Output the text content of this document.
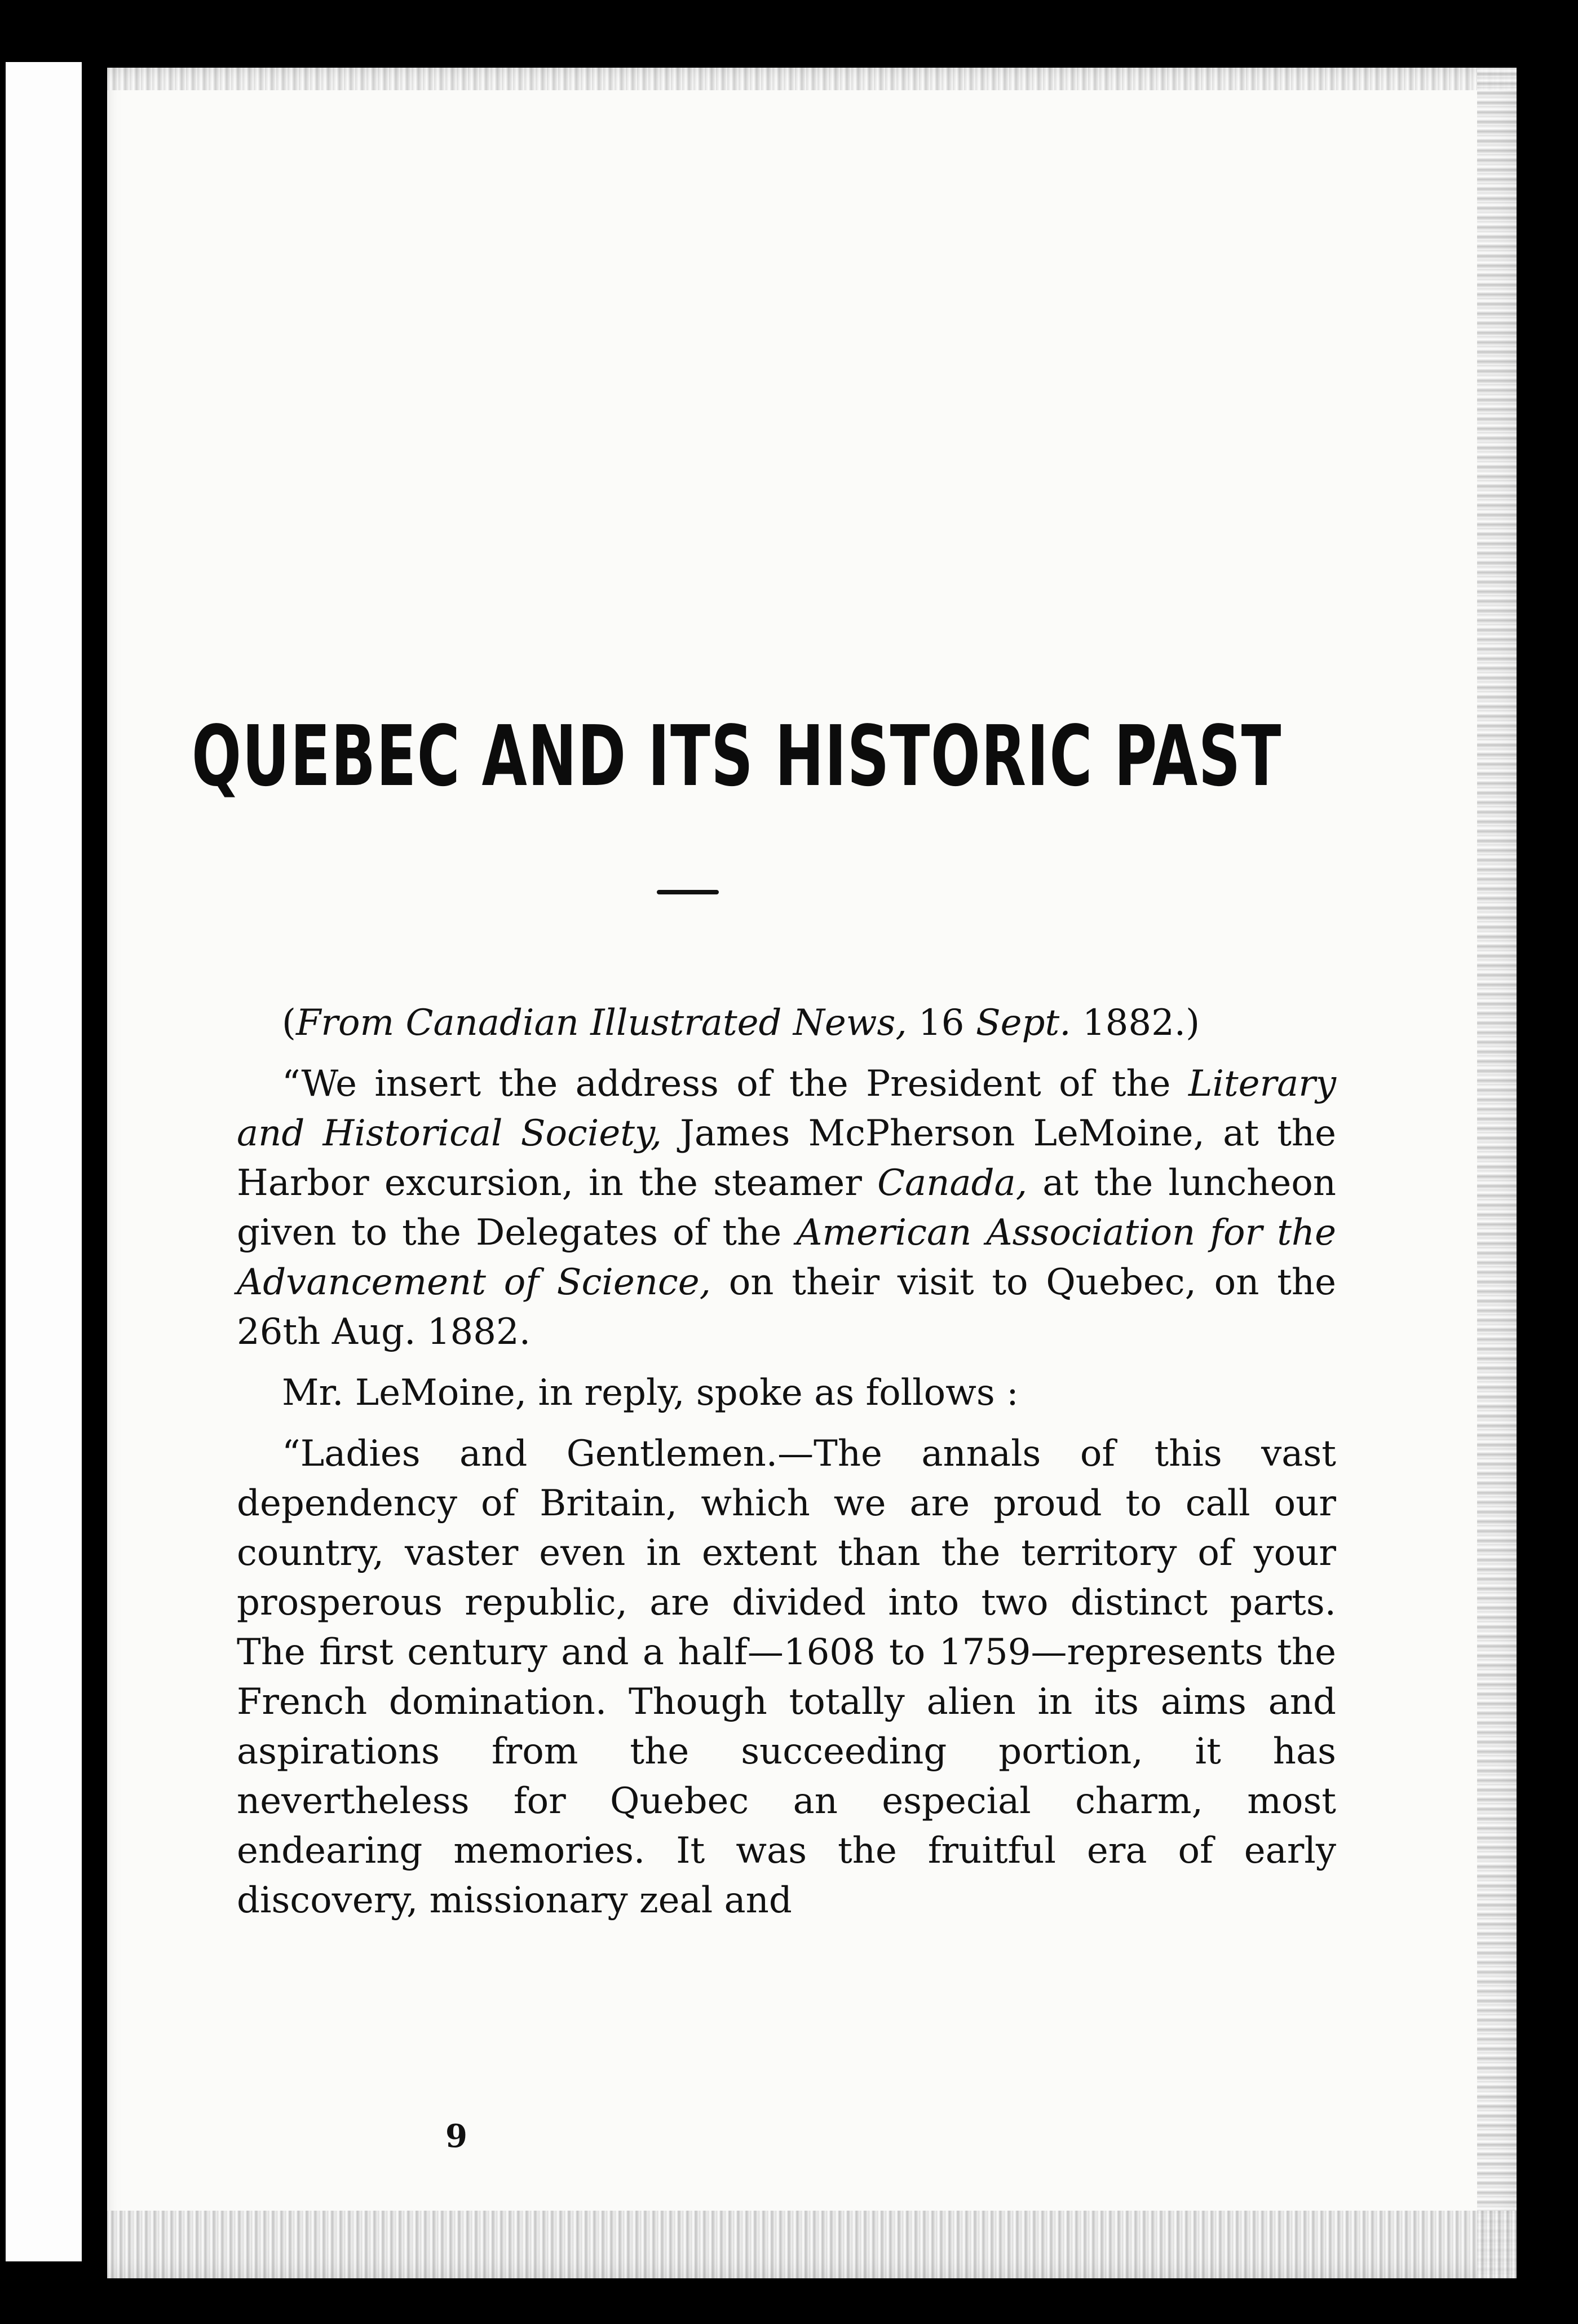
QUEBEC AND ITS HISTORIC PAST

(From Canadian Illustrated News, 16 Sept. 1882.)

“We insert the address of the President of the Literary and Historical Society, James McPherson LeMoine, at the Harbor excursion, in the steamer Canada, at the luncheon given to the Delegates of the American Association for the Advancement of Science, on their visit to Quebec, on the 26th Aug. 1882.

Mr. LeMoine, in reply, spoke as follows :

“Ladies and Gentlemen.—The annals of this vast dependency of Britain, which we are proud to call our country, vaster even in extent than the territory of your prosperous republic, are divided into two distinct parts. The first century and a half—1608 to 1759—represents the French domination. Though totally alien in its aims and aspirations from the succeeding portion, it has nevertheless for Quebec an especial charm, most endearing memories. It was the fruitful era of early discovery, missionary zeal and

9
